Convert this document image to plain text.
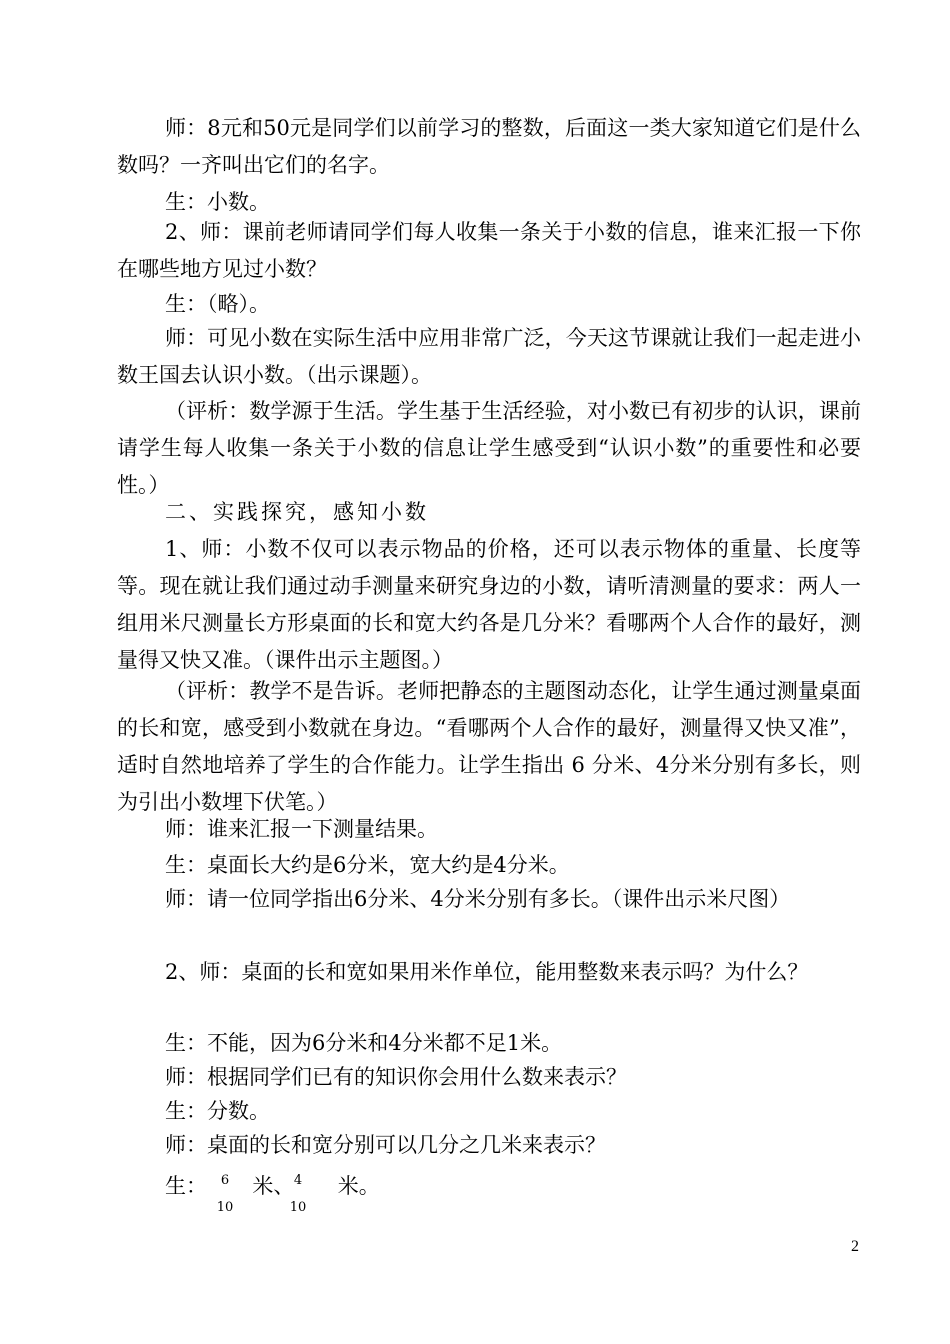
师：8元和50元是同学们以前学习的整数，后面这一类大家知道它们是什么数吗？一齐叫出它们的名字。

生：小数。

2、师：课前老师请同学们每人收集一条关于小数的信息，谁来汇报一下你在哪些地方见过小数？

生：（略）。

师：可见小数在实际生活中应用非常广泛，今天这节课就让我们一起走进小数王国去认识小数。（出示课题）。

（评析：数学源于生活。学生基于生活经验，对小数已有初步的认识，课前请学生每人收集一条关于小数的信息让学生感受到“认识小数”的重要性和必要性。）

二、实践探究，感知小数

1、师：小数不仅可以表示物品的价格，还可以表示物体的重量、长度等等。现在就让我们通过动手测量来研究身边的小数，请听清测量的要求：两人一组用米尺测量长方形桌面的长和宽大约各是几分米？看哪两个人合作的最好，测量得又快又准。（课件出示主题图。）

（评析：教学不是告诉。老师把静态的主题图动态化，让学生通过测量桌面的长和宽，感受到小数就在身边。“看哪两个人合作的最好，测量得又快又准”，适时自然地培养了学生的合作能力。让学生指出 6 分米、4分米分别有多长，则为引出小数埋下伏笔。）

师：谁来汇报一下测量结果。

生：桌面长大约是6分米，宽大约是4分米。

师：请一位同学指出6分米、4分米分别有多长。（课件出示米尺图）

2、师：桌面的长和宽如果用米作单位，能用整数来表示吗？为什么？

生：不能，因为6分米和4分米都不足1米。

师：根据同学们已有的知识你会用什么数来表示？

生：分数。

师：桌面的长和宽分别可以几分之几米来表示？

生： 米、 米。
6
10
4
10
2
